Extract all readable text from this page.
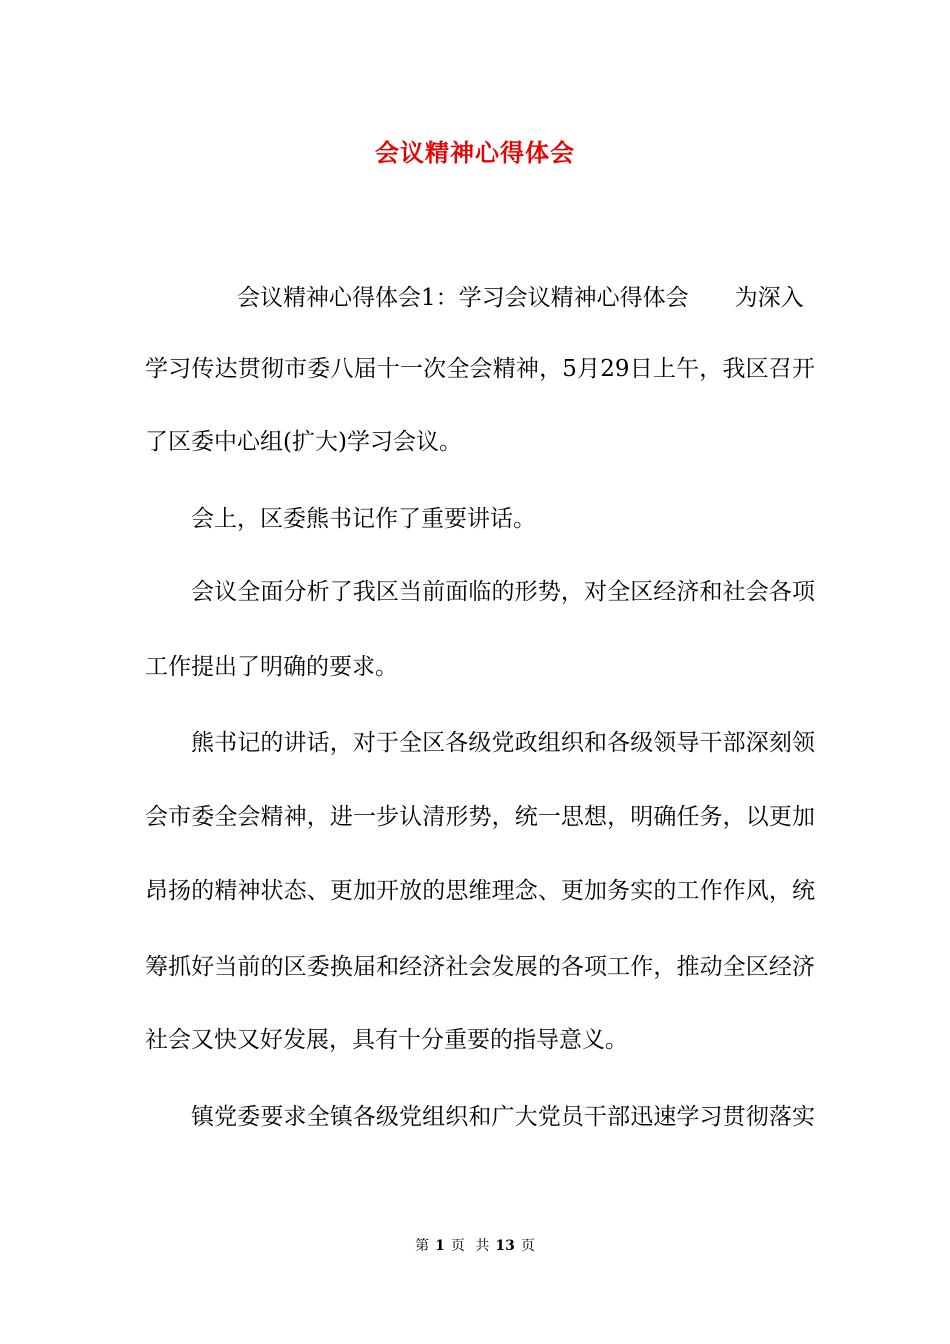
会议精神心得体会
会议精神心得体会1：学习会议精神心得体会 为深入
学习传达贯彻市委八届十一次全会精神，5月29日上午，我区召开
了区委中心组(扩大)学习会议。
会上，区委熊书记作了重要讲话。
会议全面分析了我区当前面临的形势，对全区经济和社会各项
工作提出了明确的要求。
熊书记的讲话，对于全区各级党政组织和各级领导干部深刻领
会市委全会精神，进一步认清形势，统一思想，明确任务，以更加
昂扬的精神状态、更加开放的思维理念、更加务实的工作作风，统
筹抓好当前的区委换届和经济社会发展的各项工作，推动全区经济
社会又快又好发展，具有十分重要的指导意义。
镇党委要求全镇各级党组织和广大党员干部迅速学习贯彻落实
第 1 页 共 13 页
